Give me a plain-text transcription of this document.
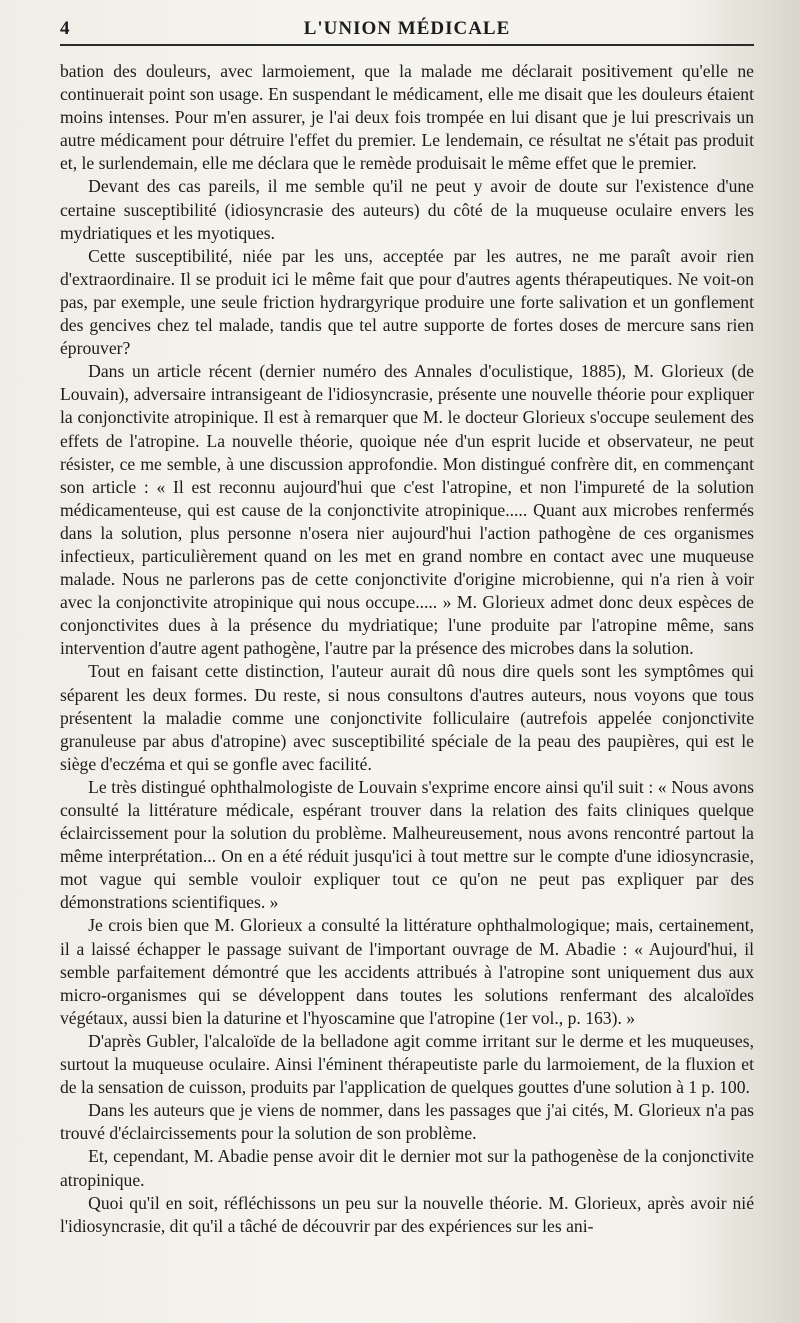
4	L'UNION MÉDICALE

bation des douleurs, avec larmoiement, que la malade me déclarait positivement qu'elle ne continuerait point son usage. En suspendant le médicament, elle me disait que les douleurs étaient moins intenses. Pour m'en assurer, je l'ai deux fois trompée en lui disant que je lui prescrivais un autre médicament pour détruire l'effet du premier. Le lendemain, ce résultat ne s'était pas produit et, le surlendemain, elle me déclara que le remède produisait le même effet que le premier.

Devant des cas pareils, il me semble qu'il ne peut y avoir de doute sur l'existence d'une certaine susceptibilité (idiosyncrasie des auteurs) du côté de la muqueuse oculaire envers les mydriatiques et les myotiques.

Cette susceptibilité, niée par les uns, acceptée par les autres, ne me paraît avoir rien d'extraordinaire. Il se produit ici le même fait que pour d'autres agents thérapeutiques. Ne voit-on pas, par exemple, une seule friction hydrargyrique produire une forte salivation et un gonflement des gencives chez tel malade, tandis que tel autre supporte de fortes doses de mercure sans rien éprouver?

Dans un article récent (dernier numéro des Annales d'oculistique, 1885), M. Glorieux (de Louvain), adversaire intransigeant de l'idiosyncrasie, présente une nouvelle théorie pour expliquer la conjonctivite atropinique. Il est à remarquer que M. le docteur Glorieux s'occupe seulement des effets de l'atropine. La nouvelle théorie, quoique née d'un esprit lucide et observateur, ne peut résister, ce me semble, à une discussion approfondie. Mon distingué confrère dit, en commençant son article : « Il est reconnu aujourd'hui que c'est l'atropine, et non l'impureté de la solution médicamenteuse, qui est cause de la conjonctivite atropinique..... Quant aux microbes renfermés dans la solution, plus personne n'osera nier aujourd'hui l'action pathogène de ces organismes infectieux, particulièrement quand on les met en grand nombre en contact avec une muqueuse malade. Nous ne parlerons pas de cette conjonctivite d'origine microbienne, qui n'a rien à voir avec la conjonctivite atropinique qui nous occupe..... » M. Glorieux admet donc deux espèces de conjonctivites dues à la présence du mydriatique; l'une produite par l'atropine même, sans intervention d'autre agent pathogène, l'autre par la présence des microbes dans la solution.

Tout en faisant cette distinction, l'auteur aurait dû nous dire quels sont les symptômes qui séparent les deux formes. Du reste, si nous consultons d'autres auteurs, nous voyons que tous présentent la maladie comme une conjonctivite folliculaire (autrefois appelée conjonctivite granuleuse par abus d'atropine) avec susceptibilité spéciale de la peau des paupières, qui est le siège d'eczéma et qui se gonfle avec facilité.

Le très distingué ophthalmologiste de Louvain s'exprime encore ainsi qu'il suit : « Nous avons consulté la littérature médicale, espérant trouver dans la relation des faits cliniques quelque éclaircissement pour la solution du problème. Malheureusement, nous avons rencontré partout la même interprétation... On en a été réduit jusqu'ici à tout mettre sur le compte d'une idiosyncrasie, mot vague qui semble vouloir expliquer tout ce qu'on ne peut pas expliquer par des démonstrations scientifiques. »

Je crois bien que M. Glorieux a consulté la littérature ophthalmologique; mais, certainement, il a laissé échapper le passage suivant de l'important ouvrage de M. Abadie : « Aujourd'hui, il semble parfaitement démontré que les accidents attribués à l'atropine sont uniquement dus aux micro-organismes qui se développent dans toutes les solutions renfermant des alcaloïdes végétaux, aussi bien la daturine et l'hyoscamine que l'atropine (1er vol., p. 163). »

D'après Gubler, l'alcaloïde de la belladone agit comme irritant sur le derme et les muqueuses, surtout la muqueuse oculaire. Ainsi l'éminent thérapeutiste parle du larmoiement, de la fluxion et de la sensation de cuisson, produits par l'application de quelques gouttes d'une solution à 1 p. 100.

Dans les auteurs que je viens de nommer, dans les passages que j'ai cités, M. Glorieux n'a pas trouvé d'éclaircissements pour la solution de son problème.

Et, cependant, M. Abadie pense avoir dit le dernier mot sur la pathogenèse de la conjonctivite atropinique.

Quoi qu'il en soit, réfléchissons un peu sur la nouvelle théorie. M. Glorieux, après avoir nié l'idiosyncrasie, dit qu'il a tâché de découvrir par des expériences sur les ani-
